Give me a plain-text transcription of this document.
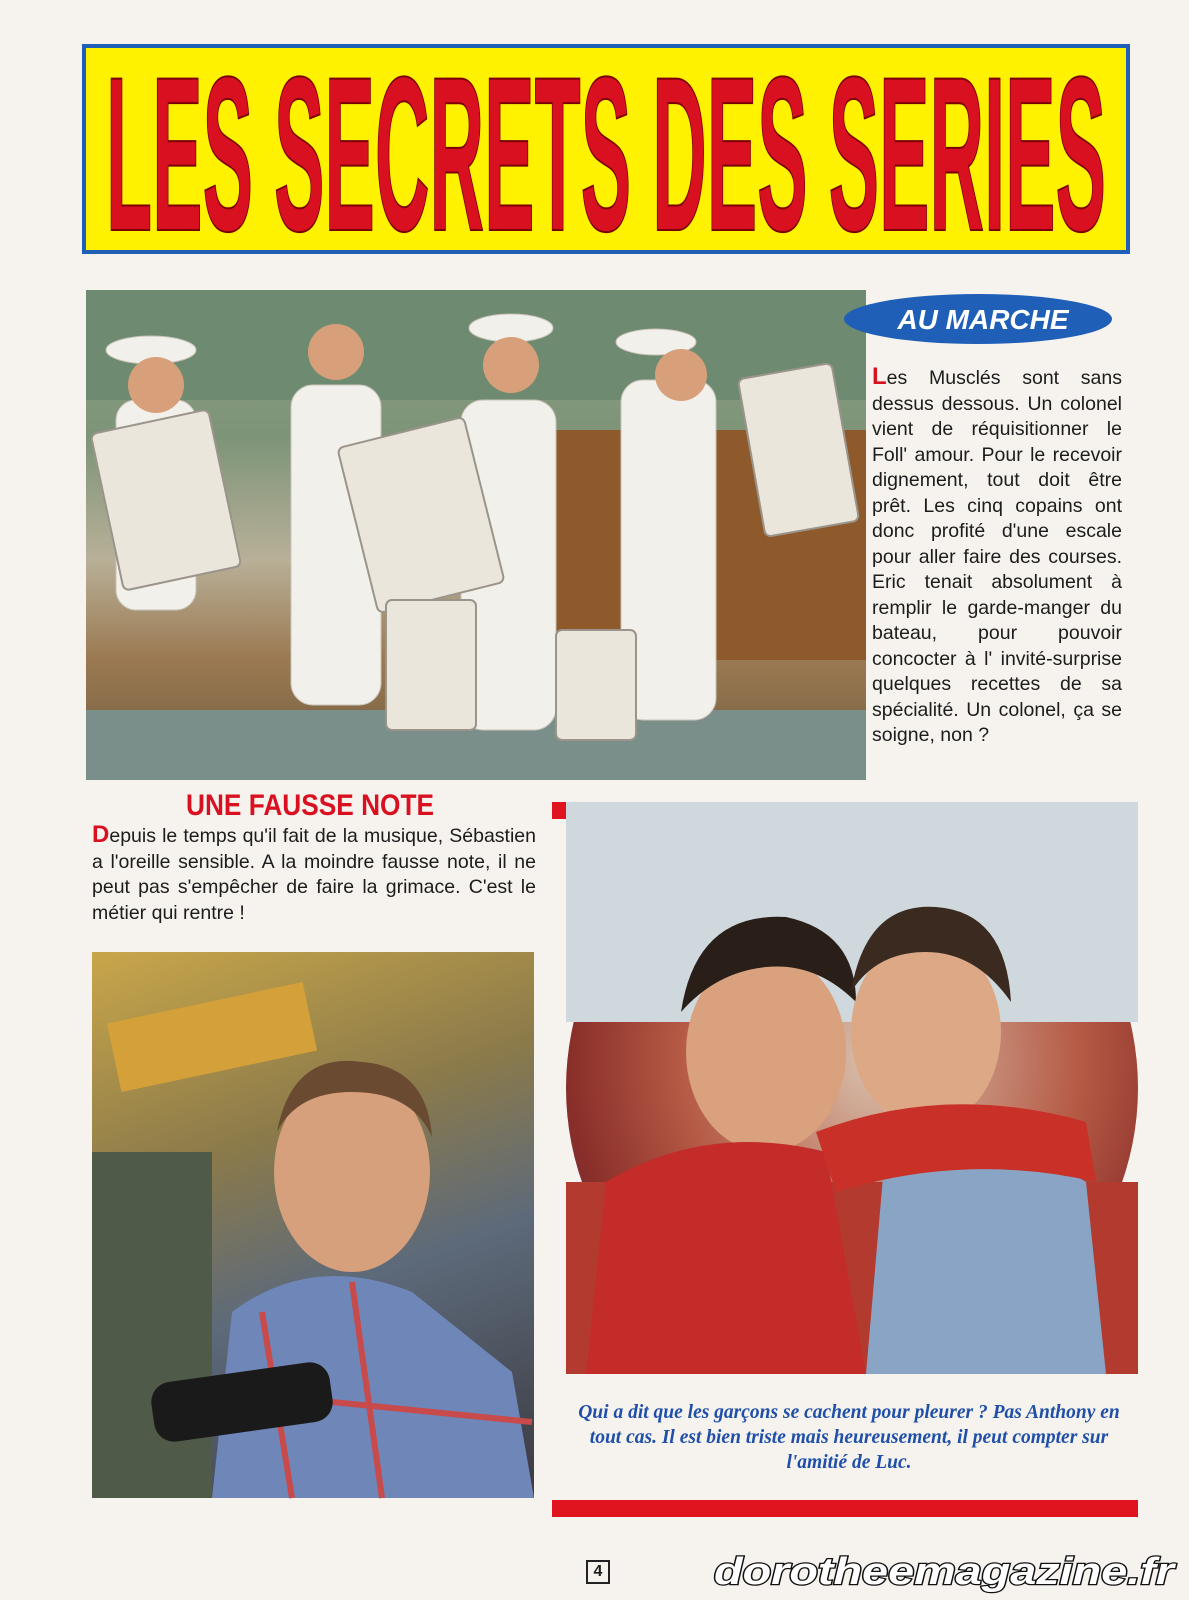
LES SECRETS DES SERIES
AU MARCHE
Les Musclés sont sans dessus dessous. Un colonel vient de réquisitionner le Foll' amour. Pour le recevoir dignement, tout doit être prêt. Les cinq copains ont donc profité d'une escale pour aller faire des courses. Eric tenait absolument à remplir le garde-manger du bateau, pour pouvoir concocter à l' invité-surprise quelques recettes de sa spécialité. Un colonel, ça se soigne, non ?
UNE FAUSSE NOTE
Depuis le temps qu'il fait de la musique, Sébastien a l'oreille sensible. A la moindre fausse note, il ne peut pas s'empêcher de faire la grimace. C'est le métier qui rentre !
Qui a dit que les garçons se cachent pour pleurer ? Pas Anthony en tout cas. Il est bien triste mais heureusement, il peut compter sur l'amitié de Luc.
4	dorotheemagazine.fr
